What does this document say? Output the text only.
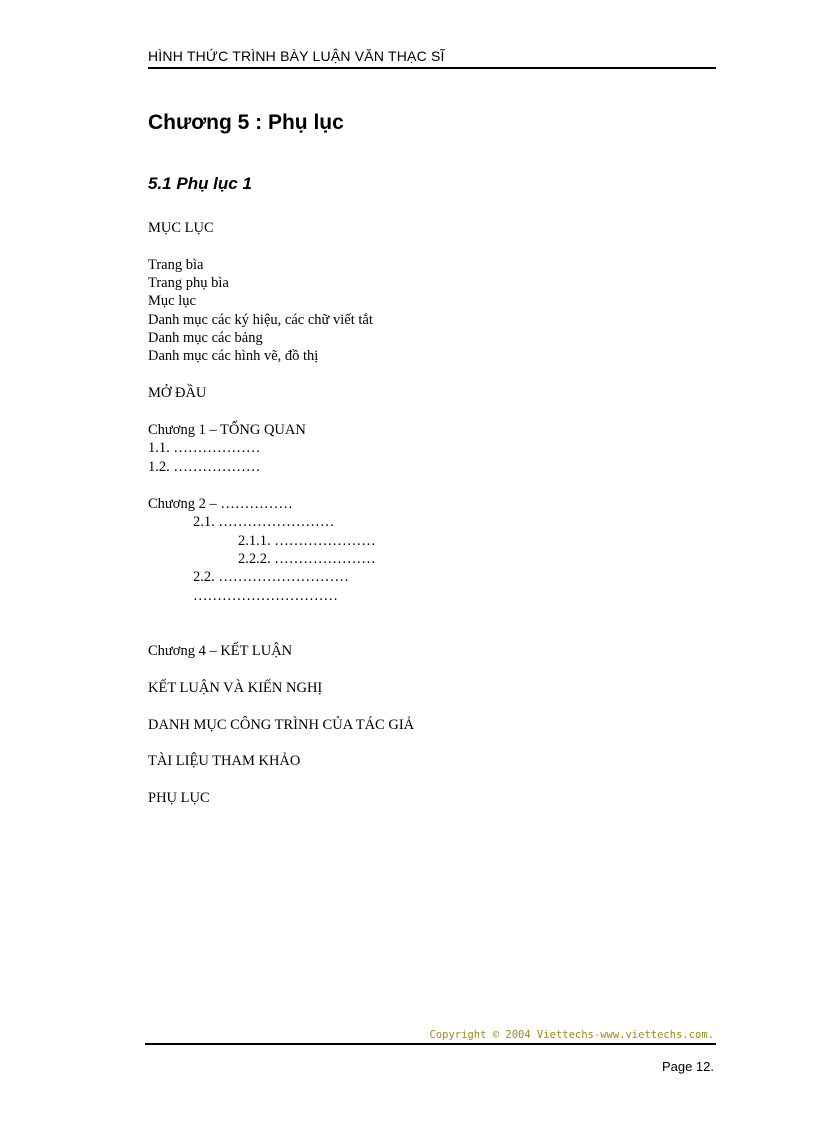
HÌNH THỨC TRÌNH BÀY LUẬN VĂN THẠC SĨ
Chương 5 : Phụ lục
5.1 Phụ lục 1
MỤC LỤC
Trang bìa
Trang phụ bìa
Mục lục
Danh mục các ký hiệu, các chữ viết tắt
Danh mục các bảng
Danh mục các hình vẽ, đồ thị
MỞ ĐẦU
Chương 1 – TỔNG QUAN
1.1. ………………
1.2. ………………
Chương 2 – ……………
2.1. ……………………
2.1.1. …………………
2.2.2. …………………
2.2. ………………………
…………………………
Chương 4 – KẾT LUẬN
KẾT LUẬN VÀ KIẾN NGHỊ
DANH MỤC CÔNG TRÌNH CỦA TÁC GIẢ
TÀI LIỆU THAM KHẢO
PHỤ LỤC
Copyright © 2004 Viettechs-www.viettechs.com.
Page 12.
